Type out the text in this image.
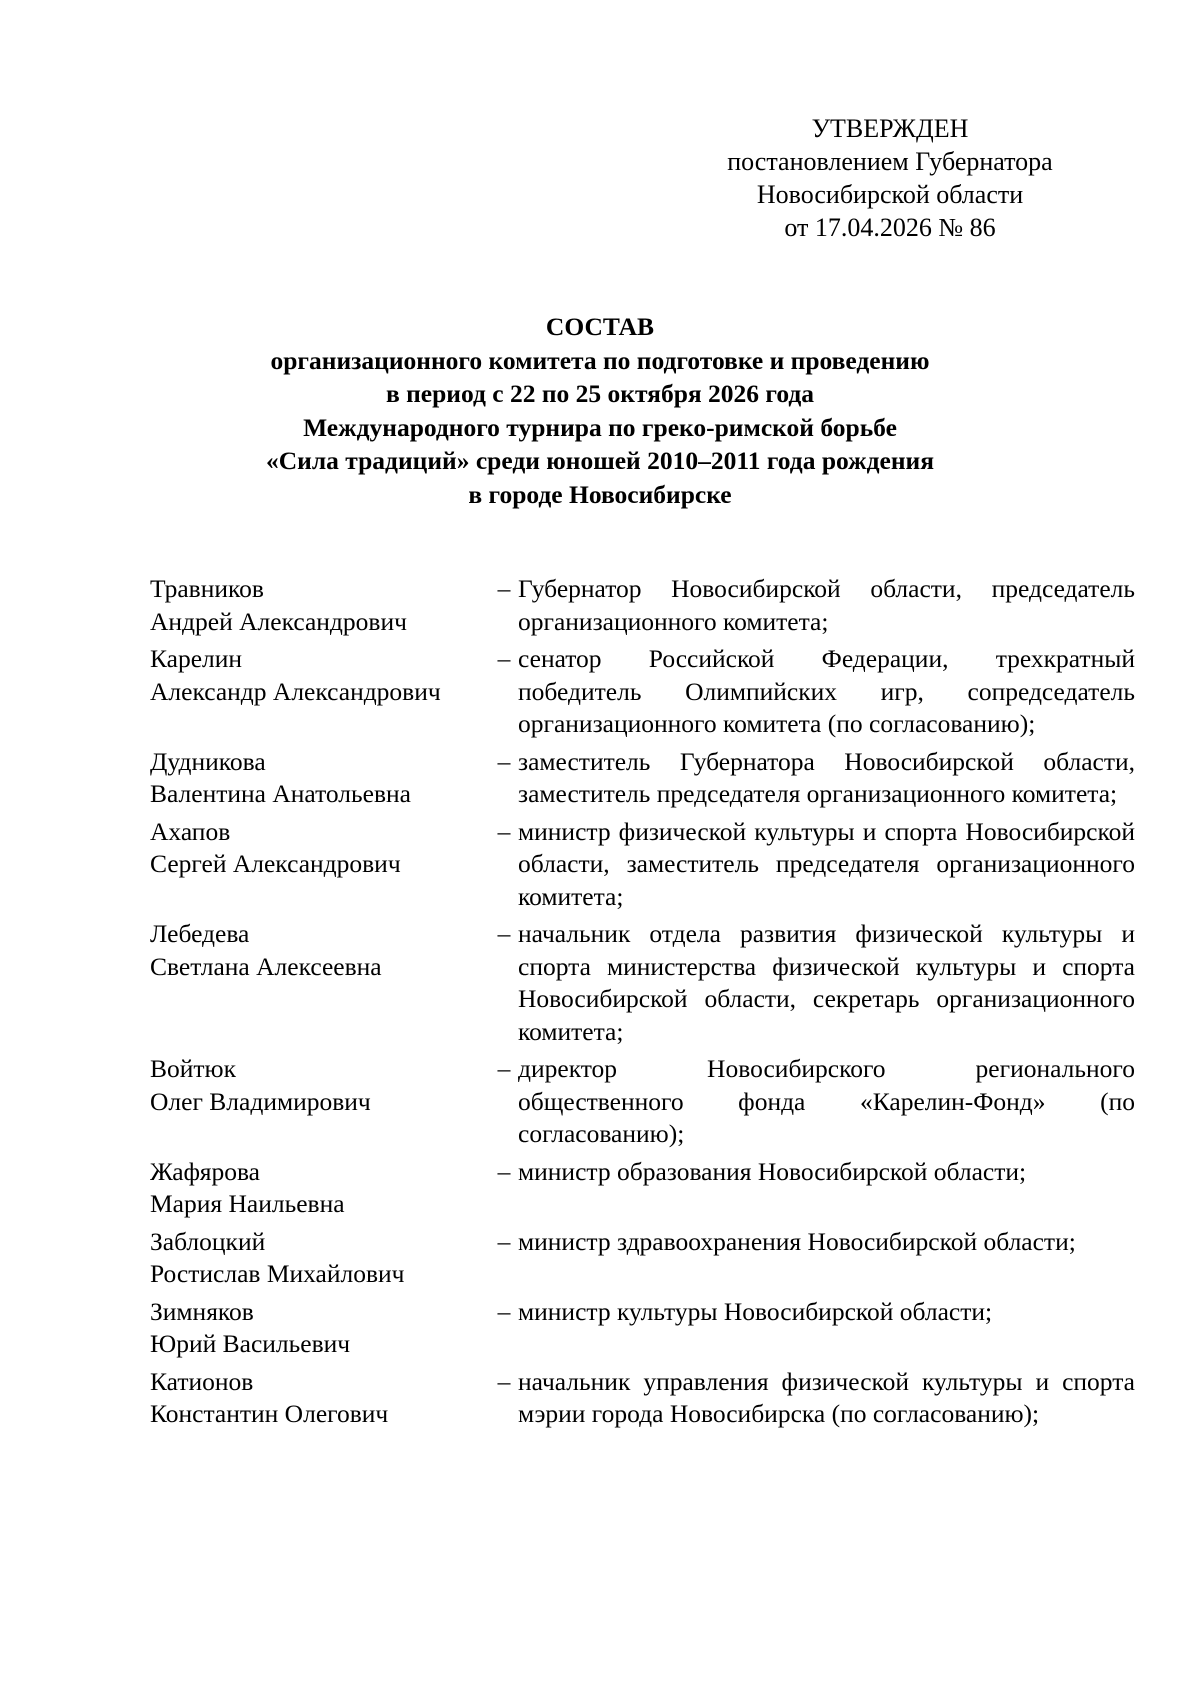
УТВЕРЖДЕН
постановлением Губернатора
Новосибирской области
от 17.04.2026 № 86
СОСТАВ
организационного комитета по подготовке и проведению
в период с 22 по 25 октября 2026 года
Международного турнира по греко-римской борьбе
«Сила традиций» среди юношей 2010–2011 года рождения
в городе Новосибирске
Травников
Андрей Александрович
– Губернатор Новосибирской области, председатель организационного комитета;
Карелин
Александр Александрович
– сенатор Российской Федерации, трехкратный победитель Олимпийских игр, сопредседатель организационного комитета (по согласованию);
Дудникова
Валентина Анатольевна
– заместитель Губернатора Новосибирской области, заместитель председателя организационного комитета;
Ахапов
Сергей Александрович
– министр физической культуры и спорта Новосибирской области, заместитель председателя организационного комитета;
Лебедева
Светлана Алексеевна
– начальник отдела развития физической культуры и спорта министерства физической культуры и спорта Новосибирской области, секретарь организационного комитета;
Войтюк
Олег Владимирович
– директор Новосибирского регионального общественного фонда «Карелин-Фонд» (по согласованию);
Жафярова
Мария Наильевна
– министр образования Новосибирской области;
Заблоцкий
Ростислав Михайлович
– министр здравоохранения Новосибирской области;
Зимняков
Юрий Васильевич
– министр культуры Новосибирской области;
Катионов
Константин Олегович
– начальник управления физической культуры и спорта мэрии города Новосибирска (по согласованию);
